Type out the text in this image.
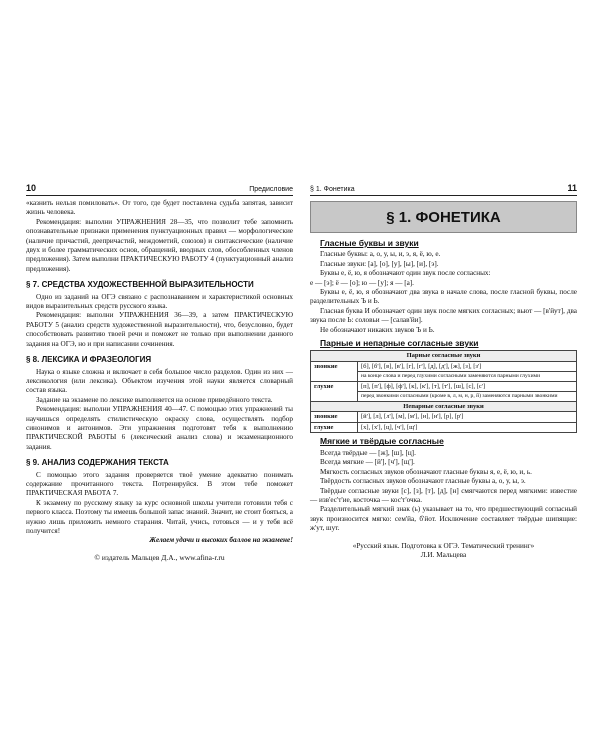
10	Предисловие

«казнить нельзя помиловать». От того, где будет поставлена судьба запятая, зависит жизнь человека.

Рекомендация: выполни УПРАЖНЕНИЯ 28—35, что позволит тебе запомнить опознавательные признаки применения пунктуационных правил — морфологические (наличие причастий, деепричастий, междометий, союзов) и синтаксические (наличие двух и более грамматических основ, обращений, вводных слов, обособленных членов предложения). Затем выполни ПРАКТИЧЕСКУЮ РАБОТУ 4 (пунктуационный анализ предложения).

§ 7. СРЕДСТВА ХУДОЖЕСТВЕННОЙ ВЫРАЗИТЕЛЬНОСТИ

Одно из заданий на ОГЭ связано с распознаванием и характеристикой основных видов выразительных средств русского языка.

Рекомендация: выполни УПРАЖНЕНИЯ 36—39, а затем ПРАКТИЧЕСКУЮ РАБОТУ 5 (анализ средств художественной выразительности), что, безусловно, будет способствовать развитию твоей речи и поможет не только при выполнении данного задания на ОГЭ, но и при написании сочинения.

§ 8. ЛЕКСИКА И ФРАЗЕОЛОГИЯ

Наука о языке сложна и включает в себя большое число разделов. Один из них — лексикология (или лексика). Объектом изучения этой науки является словарный состав языка.

Задание на экзамене по лексике выполняется на основе приведённого текста.

Рекомендация: выполни УПРАЖНЕНИЯ 40—47. С помощью этих упражнений ты научишься определять стилистическую окраску слова, осуществлять подбор синонимов и антонимов. Эти упражнения подготовят тебя к выполнению ПРАКТИЧЕСКОЙ РАБОТЫ 6 (лексический анализ слова) и экзаменационного задания.

§ 9. АНАЛИЗ СОДЕРЖАНИЯ ТЕКСТА

С помощью этого задания проверяется твоё умение адекватно понимать содержание прочитанного текста. Потренируйся. В этом тебе поможет ПРАКТИЧЕСКАЯ РАБОТА 7.

К экзамену по русскому языку за курс основной школы учители готовили тебя с первого класса. Поэтому ты имеешь большой запас знаний. Значит, не стоит бояться, а нужно лишь приложить немного старания. Читай, учись, готовься — и у тебя всё получится!

Желаем удачи и высоких баллов на экзамене!
© издатель Мальцев Д.А., www.afina-r.ru
§ 1. Фонетика	11
§ 1. ФОНЕТИКА
Гласные буквы и звуки

Гласные буквы: а, о, у, ы, и, э, я, ё, ю, е.

Гласные звуки: [а], [о], [у], [ы], [и], [э].

Буквы е, ё, ю, я обозначают один звук после согласных:

е — [э]; ё — [о]; ю — [у]; я — [а].

Буквы е, ё, ю, я обозначают два звука в начале слова, после гласной буквы, после разделительных Ъ и Ь.

Гласная буква И обозначает один звук после мягких согласных; вьют — [в'йут], два звука после Ь: соловьи — [салав'йи].

Не обозначают никаких звуков Ъ и Ь.

Парные и непарные согласные звуки
Парные согласные звуки	
звонкие	[б], [б'], [в], [в'], [г], [г'], [д], [д'], [ж], [з], [з']
	на конце слова и перед глухими согласными заменяются парными глухими
глухие	[п], [п'], [ф], [ф'], [к], [к'], [т], [т'], [ш], [с], [с']
	перед звонкими согласными (кроме в, л, м, н, р, й) заменяются парными звонкими
Непарные согласные звуки	
звонкие	[й'], [л], [л'], [м], [м'], [н], [н'], [р], [р']
глухие	[х], [х'], [ц], [ч'], [щ']
Мягкие и твёрдые согласные

Всегда твёрдые — [ж], [ш], [ц].

Всегда мягкие — [й'], [ч'], [щ'].

Мягкость согласных звуков обозначают гласные буквы я, е, ё, ю, и, ь.

Твёрдость согласных звуков обозначают гласные буквы а, о, у, ы, э.

Твёрдые согласные звуки [с], [з], [т], [д], [н] смягчаются перед мягкими: известие — изв'ес'т'ие, косточка — кос'т'очка.

Разделительный мягкий знак (ь) указывает на то, что предшествующий согласный звук произносится мягко: сем'йа, б'йот. Исключение составляет твёрдые шипящие: ж'ут, шут.

«Русский язык. Подготовка к ОГЭ. Тематический тренинг»
Л.И. Мальцева
